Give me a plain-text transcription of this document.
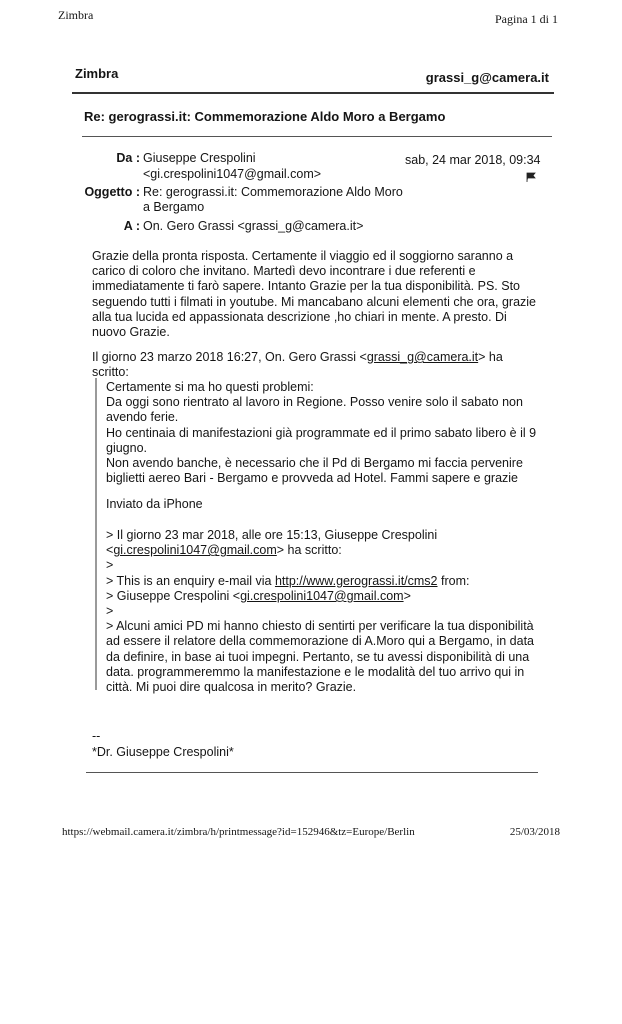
Zimbra	Pagina 1 di 1
Zimbra	grassi_g@camera.it
Re: gerograssi.it: Commemorazione Aldo Moro a Bergamo
Da : Giuseppe Crespolini
<gi.crespolini1047@gmail.com>
sab, 24 mar 2018, 09:34
Oggetto : Re: gerograssi.it: Commemorazione Aldo Moro
a Bergamo
A : On. Gero Grassi <grassi_g@camera.it>

Grazie della pronta risposta. Certamente il viaggio ed il soggiorno saranno a

carico di coloro che invitano. Martedì devo incontrare i due referenti e

immediatamente ti farò sapere. Intanto Grazie per la tua disponibilità. PS. Sto

seguendo tutti i filmati in youtube. Mi mancabano alcuni elementi che ora, grazie

alla tua lucida ed appassionata descrizione ,ho chiari in mente. A presto. Di

nuovo Grazie.

Il giorno 23 marzo 2018 16:27, On. Gero Grassi <grassi_g@camera.it> ha

scritto:

Certamente si ma ho questi problemi:

Da oggi sono rientrato al lavoro in Regione. Posso venire solo il sabato non

avendo ferie.

Ho centinaia di manifestazioni già programmate ed il primo sabato libero è il 9

giugno.

Non avendo banche, è necessario che il Pd di Bergamo mi faccia pervenire

biglietti aereo Bari - Bergamo e provveda ad Hotel. Fammi sapere e grazie

Inviato da iPhone

> Il giorno 23 mar 2018, alle ore 15:13, Giuseppe Crespolini

<gi.crespolini1047@gmail.com> ha scritto:

>

> This is an enquiry e-mail via http://www.gerograssi.it/cms2 from:

> Giuseppe Crespolini <gi.crespolini1047@gmail.com>

>

> Alcuni amici PD mi hanno chiesto di sentirti per verificare la tua disponibilità

ad essere il relatore della commemorazione di A.Moro qui a Bergamo, in data

da definire, in base ai tuoi impegni. Pertanto, se tu avessi disponibilità di una

data. programmeremmo la manifestazione e le modalità del tuo arrivo qui in

città. Mi puoi dire qualcosa in merito? Grazie.

--
*Dr. Giuseppe Crespolini*
https://webmail.camera.it/zimbra/h/printmessage?id=152946&tz=Europe/Berlin	25/03/2018
